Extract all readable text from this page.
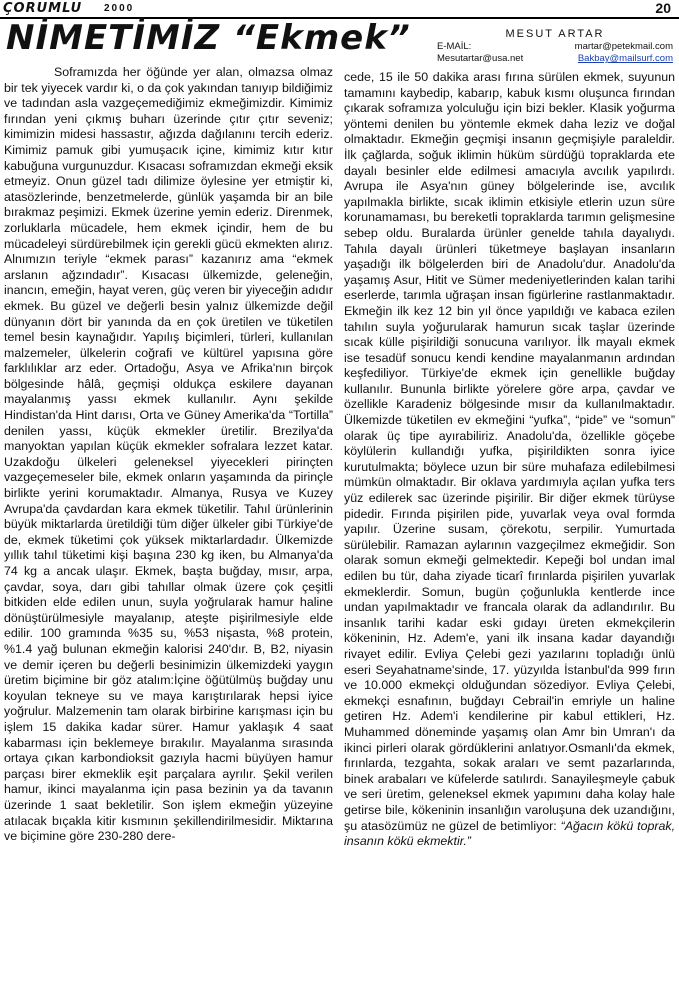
ÇORUMLU 2000	20
NİMETİMİZ “Ekmek”	MESUT ARTAR
E-MAİL:	martar@petekmail.com
Mesutartar@usa.net	Bakbay@mailsurf.com

Soframızda her öğünde yer alan, olmazsa olmaz bir tek yiyecek vardır ki, o da çok yakından tanıyıp bildiğimiz ve tadından asla vazgeçemediğimiz ekmeğimizdir. Kimimiz fırından yeni çıkmış buharı üzerinde çıtır çıtır seveniz; kimimizin midesi hassastır, ağızda dağılanını tercih ederiz. Kimimiz pamuk gibi yumuşacık içine, kimimiz kıtır kıtır kabuğuna vurgunuzdur. Kısacası soframızdan ekmeği eksik etmeyiz. Onun güzel tadı dilimize öylesine yer etmiştir ki, atasözlerinde, benzetmelerde, günlük yaşamda bir an bile bırakmaz peşimizi. Ekmek üzerine yemin ederiz. Direnmek, zorluklarla mücadele, hem ekmek içindir, hem de bu mücadeleyi sürdürebilmek için gerekli gücü ekmekten alırız. Alnımızın teriyle “ekmek parası” kazanırız ama “ekmek arslanın ağzındadır”. Kısacası ülkemizde, geleneğin, inancın, emeğin, hayat veren, güç veren bir yiyeceğin adıdır ekmek. Bu güzel ve değerli besin yalnız ülkemizde değil dünyanın dört bir yanında da en çok üretilen ve tüketilen temel besin kaynağıdır. Yapılış biçimleri, türleri, kullanılan malzemeler, ülkelerin coğrafi ve kültürel yapısına göre farklılıklar arz eder. Ortadoğu, Asya ve Afrika'nın birçok bölgesinde hâlâ, geçmişi oldukça eskilere dayanan mayalanmış yassı ekmek kullanılır. Aynı şekilde Hindistan'da Hint darısı, Orta ve Güney Amerika'da “Tortilla” denilen yassı, küçük ekmekler üretilir. Brezilya'da manyoktan yapılan küçük ekmekler sofralara lezzet katar. Uzakdoğu ülkeleri geleneksel yiyecekleri pirinçten vazgeçemeseler bile, ekmek onların yaşamında da pirinçle birlikte yerini korumaktadır. Almanya, Rusya ve Kuzey Avrupa'da çavdardan kara ekmek tüketilir. Tahıl ürünlerinin büyük miktarlarda üretildiği tüm diğer ülkeler gibi Türkiye'de de, ekmek tüketimi çok yüksek miktarlardadır. Ülkemizde yıllık tahıl tüketimi kişi başına 230 kg iken, bu Almanya'da 74 kg a ancak ulaşır. Ekmek, başta buğday, mısır, arpa, çavdar, soya, darı gibi tahıllar olmak üzere çok çeşitli bitkiden elde edilen unun, suyla yoğrularak hamur haline dönüştürülmesiyle mayalanıp, ateşte pişirilmesiyle elde edilir. 100 gramında %35 su, %53 nişasta, %8 protein, %1.4 yağ bulunan ekmeğin kalorisi 240'dır. B, B2, niyasin ve demir içeren bu değerli besinimizin ülkemizdeki yaygın üretim biçimine bir göz atalım:İçine öğütülmüş buğday unu koyulan tekneye su ve maya karıştırılarak hepsi iyice yoğrulur. Malzemenin tam olarak birbirine karışması için bu işlem 15 dakika kadar sürer. Hamur yaklaşık 4 saat kabarması için beklemeye bırakılır. Mayalanma sırasında ortaya çıkan karbondioksit gazıyla hacmi büyüyen hamur parçası birer ekmeklik eşit parçalara ayrılır. Şekil verilen hamur, ikinci mayalanma için pasa bezinin ya da tavanın üzerinde 1 saat bekletilir. Son işlem ekmeğin yüzeyine atılacak bıçakla kitir kısmının şekillendirilmesidir. Miktarına ve biçimine göre 230-280 dere-

cede, 15 ile 50 dakika arası fırına sürülen ekmek, suyunun tamamını kaybedip, kabarıp, kabuk kısmı oluşunca fırından çıkarak soframıza yolculuğu için bizi bekler. Klasik yoğurma yöntemi denilen bu yöntemle ekmek daha leziz ve doğal olmaktadır. Ekmeğin geçmişi insanın geçmişiyle paraleldir. İlk çağlarda, soğuk iklimin hüküm sürdüğü topraklarda ete dayalı besinler elde edilmesi amacıyla avcılık yapılırdı. Avrupa ile Asya'nın güney bölgelerinde ise, avcılık yapılmakla birlikte, sıcak iklimin etkisiyle etlerin uzun süre korunamaması, bu bereketli topraklarda tarımın gelişmesine sebep oldu. Buralarda ürünler genelde tahıla dayalıydı. Tahıla dayalı ürünleri tüketmeye başlayan insanların yaşadığı ilk bölgelerden biri de Anadolu'dur. Anadolu'da yaşamış Asur, Hitit ve Sümer medeniyetlerinden kalan tarihi eserlerde, tarımla uğraşan insan figürlerine rastlanmaktadır. Ekmeğin ilk kez 12 bin yıl önce yapıldığı ve kabaca ezilen tahılın suyla yoğurularak hamurun sıcak taşlar üzerinde sıcak külle pişirildiği sonucuna varılıyor. İlk mayalı ekmek ise tesadüf sonucu kendi kendine mayalanmanın ardından keşfediliyor. Türkiye'de ekmek için genellikle buğday kullanılır. Bununla birlikte yörelere göre arpa, çavdar ve özellikle Karadeniz bölgesinde mısır da kullanılmaktadır. Ülkemizde tüketilen ev ekmeğini “yufka”, “pide” ve “somun” olarak üç tipe ayırabiliriz. Anadolu'da, özellikle göçebe köylülerin kullandığı yufka, pişirildikten sonra iyice kurutulmakta; böylece uzun bir süre muhafaza edilebilmesi mümkün olmaktadır. Bir oklava yardımıyla açılan yufka ters yüz edilerek sac üzerinde pişirilir. Bir diğer ekmek türüyse pidedir. Fırında pişirilen pide, yuvarlak veya oval formda yapılır. Üzerine susam, çörekotu, serpilir. Yumurtada sürülebilir. Ramazan aylarının vazgeçilmez ekmeğidir. Son olarak somun ekmeği gelmektedir. Kepeği bol undan imal edilen bu tür, daha ziyade ticarî fırınlarda pişirilen yuvarlak ekmeklerdir. Somun, bugün çoğunlukla kentlerde ince undan yapılmaktadır ve francala olarak da adlandırılır. Bu insanlık tarihi kadar eski gıdayı üreten ekmekçilerin kökeninin, Hz. Adem'e, yani ilk insana kadar dayandığı rivayet edilir. Evliya Çelebi gezi yazılarını topladığı ünlü eseri Seyahatname'sinde, 17. yüzyılda İstanbul'da 999 fırın ve 10.000 ekmekçi olduğundan sözediyor. Evliya Çelebi, ekmekçi esnafının, buğdayı Cebrail'in emriyle un haline getiren Hz. Adem'i kendilerine pir kabul ettikleri, Hz. Muhammed döneminde yaşamış olan Amr bin Umran'ı da ikinci pirleri olarak gördüklerini anlatıyor.Osmanlı'da ekmek, fırınlarda, tezgahta, sokak araları ve semt pazarlarında, binek arabaları ve küfelerde satılırdı. Sanayileşmeyle çabuk ve seri üretim, geleneksel ekmek yapımını daha kolay hale getirse bile, kökeninin insanlığın varoluşuna dek uzandığını, şu atasözümüz ne güzel de betimliyor: “Ağacın kökü toprak, insanın kökü ekmektir.”
